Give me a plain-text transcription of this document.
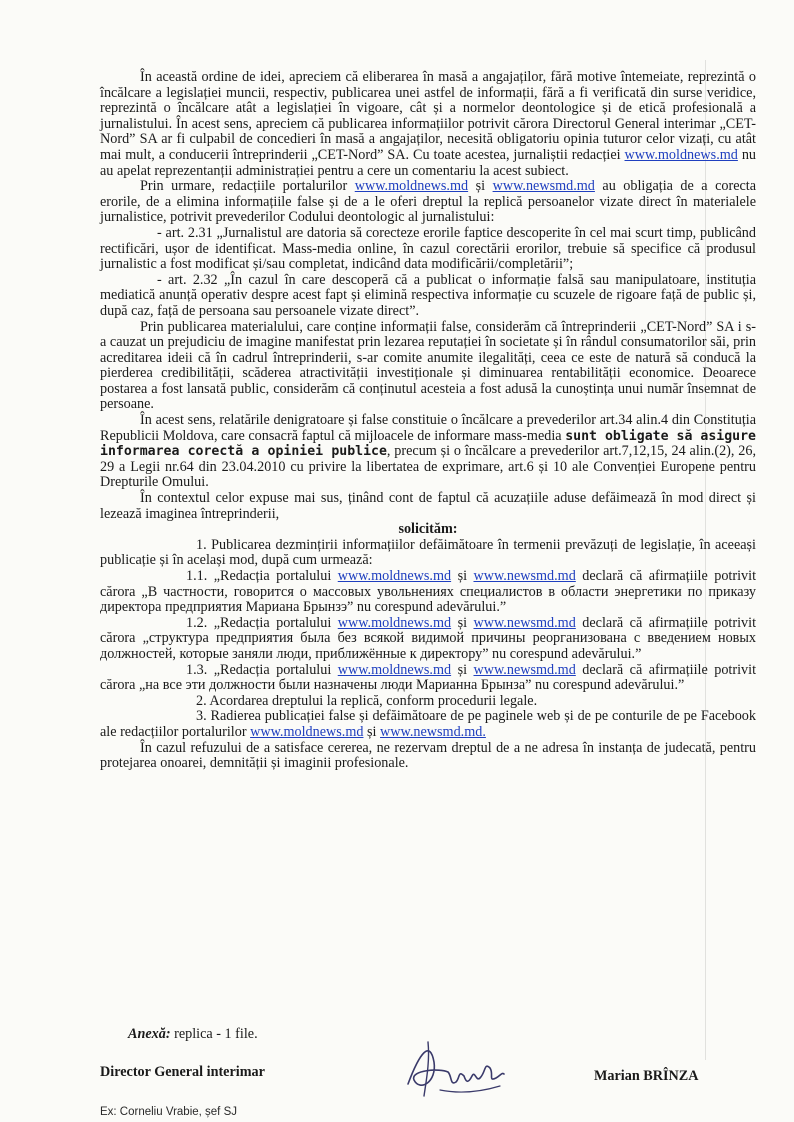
În această ordine de idei, apreciem că eliberarea în masă a angajaților, fără motive întemeiate, reprezintă o încălcare a legislației muncii, respectiv, publicarea unei astfel de informații, fără a fi verificată din surse veridice, reprezintă o încălcare atât a legislației în vigoare, cât și a normelor deontologice și de etică profesională a jurnalistului. În acest sens, apreciem că publicarea informațiilor potrivit cărora Directorul General interimar „CET-Nord” SA ar fi culpabil de concedieri în masă a angajaților, necesită obligatoriu opinia tuturor celor vizați, cu atât mai mult, a conducerii întreprinderii „CET-Nord” SA. Cu toate acestea, jurnaliștii redacției www.moldnews.md nu au apelat reprezentanții administrației pentru a cere un comentariu la acest subiect.

Prin urmare, redacțiile portalurilor www.moldnews.md și www.newsmd.md au obligația de a corecta erorile, de a elimina informațiile false și de a le oferi dreptul la replică persoanelor vizate direct în materialele jurnalistice, potrivit prevederilor Codului deontologic al jurnalistului:

- art. 2.31 „Jurnalistul are datoria să corecteze erorile faptice descoperite în cel mai scurt timp, publicând rectificări, ușor de identificat. Mass-media online, în cazul corectării erorilor, trebuie să specifice că produsul jurnalistic a fost modificat și/sau completat, indicând data modificării/completării”;

- art. 2.32 „În cazul în care descoperă că a publicat o informație falsă sau manipulatoare, instituția mediatică anunță operativ despre acest fapt și elimină respectiva informație cu scuzele de rigoare față de public și, după caz, față de persoana sau persoanele vizate direct”.

Prin publicarea materialului, care conține informații false, considerăm că întreprinderii „CET-Nord” SA i s-a cauzat un prejudiciu de imagine manifestat prin lezarea reputației în societate și în rândul consumatorilor săi, prin acreditarea ideii că în cadrul întreprinderii, s-ar comite anumite ilegalități, ceea ce este de natură să conducă la pierderea credibilității, scăderea atractivității investiționale și diminuarea rentabilității economice. Deoarece postarea a fost lansată public, considerăm că conținutul acesteia a fost adusă la cunoștința unui număr însemnat de persoane.

În acest sens, relatările denigratoare și false constituie o încălcare a prevederilor art.34 alin.4 din Constituția Republicii Moldova, care consacră faptul că mijloacele de informare mass-media sunt obligate să asigure informarea corectă a opiniei publice, precum și o încălcare a prevederilor art.7,12,15, 24 alin.(2), 26, 29 a Legii nr.64 din 23.04.2010 cu privire la libertatea de exprimare, art.6 și 10 ale Convenției Europene pentru Drepturile Omului.

În contextul celor expuse mai sus, ținând cont de faptul că acuzațiile aduse defăimează în mod direct și lezează imaginea întreprinderii,

solicităm:

1. Publicarea dezmințirii informațiilor defăimătoare în termenii prevăzuți de legislație, în aceeași publicație și în același mod, după cum urmează:

1.1. „Redacția portalului www.moldnews.md și www.newsmd.md declară că afirmațiile potrivit cărora „В частности, говорится о массовых увольнениях специалистов в области энергетики по приказу директора предприятия Мариана Брынзэ” nu corespund adevărului.”

1.2. „Redacția portalului www.moldnews.md și www.newsmd.md declară că afirmațiile potrivit cărora „структура предприятия была без всякой видимой причины реорганизована с введением новых должностей, которые заняли люди, приближённые к директору” nu corespund adevărului.”

1.3. „Redacția portalului www.moldnews.md și www.newsmd.md declară că afirmațiile potrivit cărora „на все эти должности были назначены люди Марианна Брынза” nu corespund adevărului.”

2. Acordarea dreptului la replică, conform procedurii legale.

3. Radierea publicației false și defăimătoare de pe paginele web și de pe conturile de pe Facebook ale redacțiilor portalurilor www.moldnews.md și www.newsmd.md.

În cazul refuzului de a satisface cererea, ne rezervam dreptul de a ne adresa în instanța de judecată, pentru protejarea onoarei, demnității și imaginii profesionale.

Anexă: replica - 1 file.
Director General interimar	Marian BRÎNZA
Ex: Corneliu Vrabie, șef SJ
